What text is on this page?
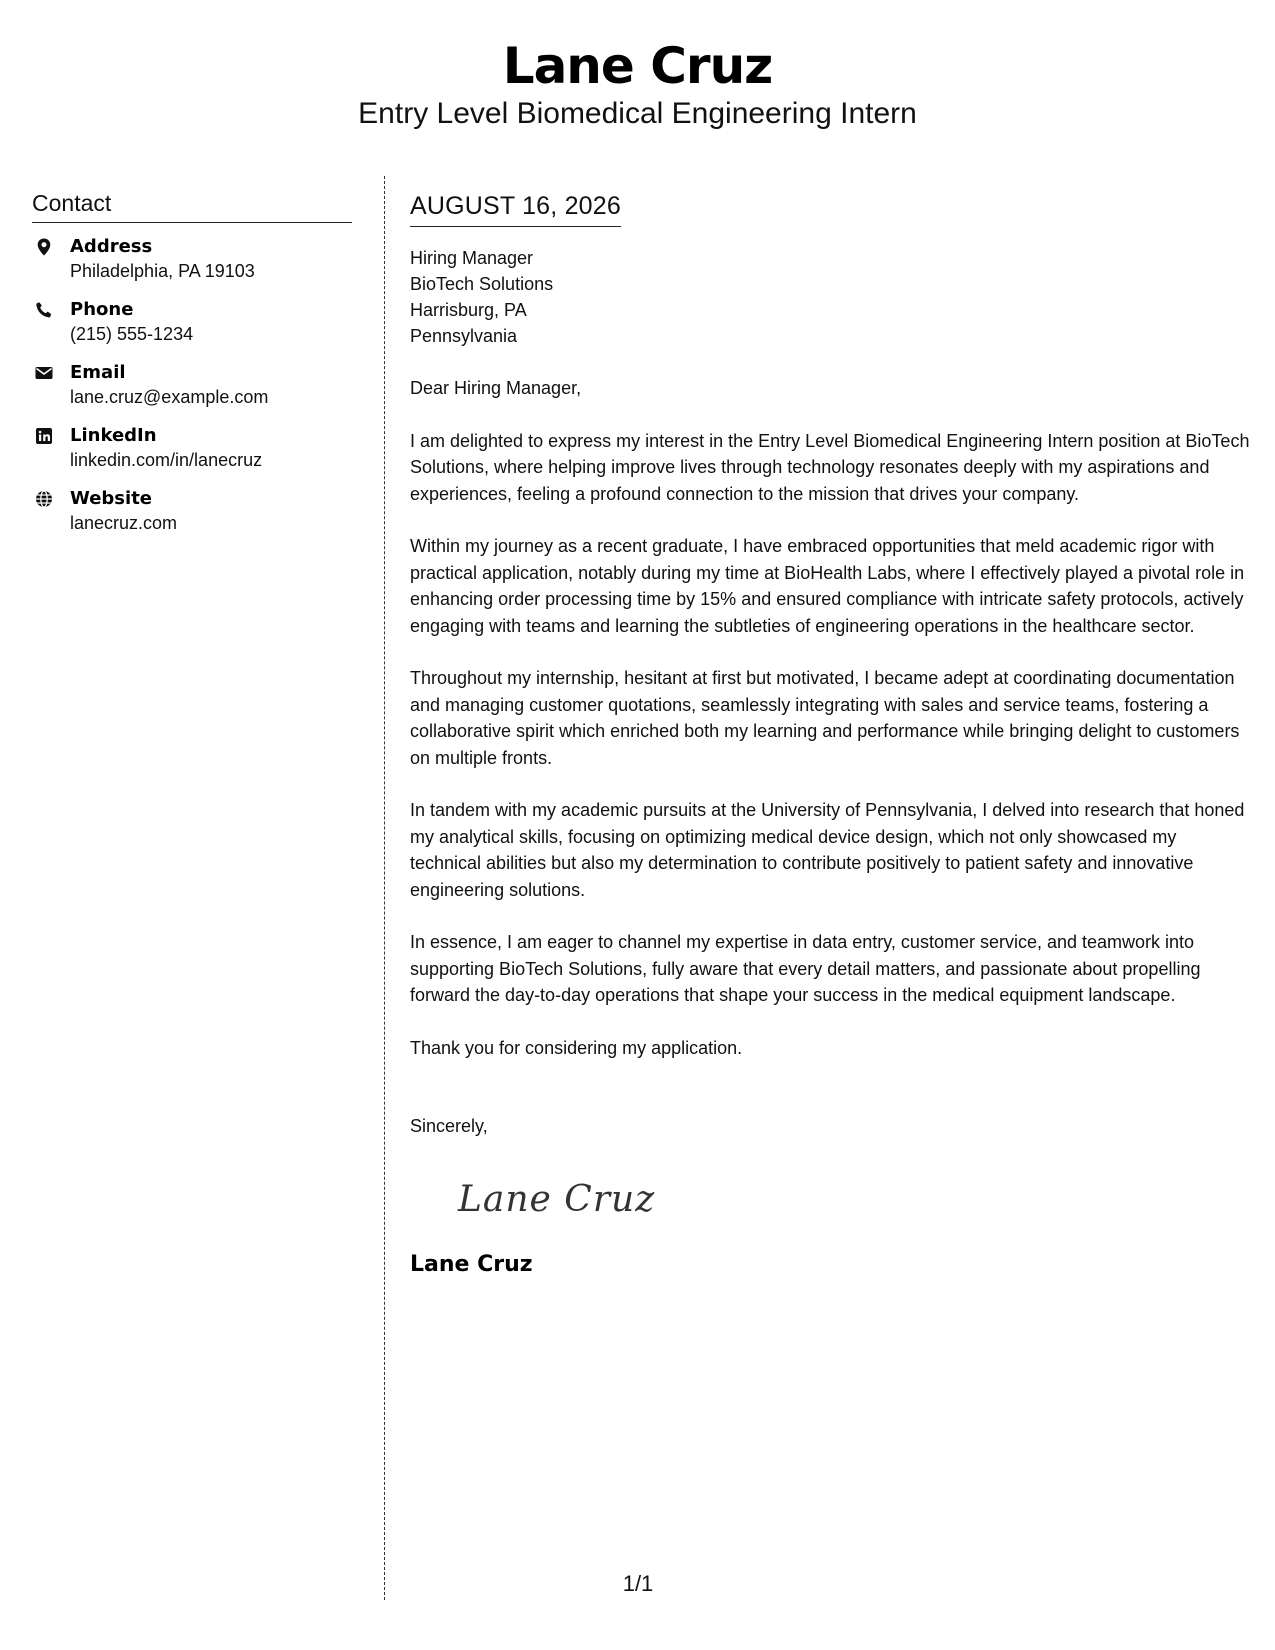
Lane Cruz
Entry Level Biomedical Engineering Intern
Contact
Address
Philadelphia, PA 19103
Phone
(215) 555-1234
Email
lane.cruz@example.com
LinkedIn
linkedin.com/in/lanecruz
Website
lanecruz.com
AUGUST 16, 2026
Hiring Manager
BioTech Solutions
Harrisburg, PA
Pennsylvania
Dear Hiring Manager,
I am delighted to express my interest in the Entry Level Biomedical Engineering Intern position at BioTech Solutions, where helping improve lives through technology resonates deeply with my aspirations and experiences, feeling a profound connection to the mission that drives your company.
Within my journey as a recent graduate, I have embraced opportunities that meld academic rigor with practical application, notably during my time at BioHealth Labs, where I effectively played a pivotal role in enhancing order processing time by 15% and ensured compliance with intricate safety protocols, actively engaging with teams and learning the subtleties of engineering operations in the healthcare sector.
Throughout my internship, hesitant at first but motivated, I became adept at coordinating documentation and managing customer quotations, seamlessly integrating with sales and service teams, fostering a collaborative spirit which enriched both my learning and performance while bringing delight to customers on multiple fronts.
In tandem with my academic pursuits at the University of Pennsylvania, I delved into research that honed my analytical skills, focusing on optimizing medical device design, which not only showcased my technical abilities but also my determination to contribute positively to patient safety and innovative engineering solutions.
In essence, I am eager to channel my expertise in data entry, customer service, and teamwork into supporting BioTech Solutions, fully aware that every detail matters, and passionate about propelling forward the day-to-day operations that shape your success in the medical equipment landscape.
Thank you for considering my application.
Sincerely,
Lane Cruz
Lane Cruz
1/1
